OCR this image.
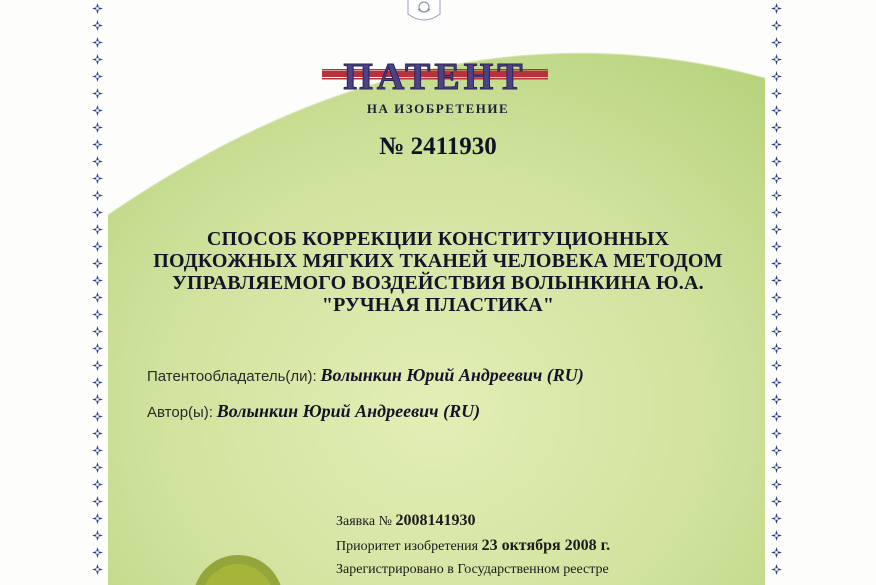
ПАТЕНТ
НА ИЗОБРЕТЕНИЕ
№ 2411930
СПОСОБ КОРРЕКЦИИ КОНСТИТУЦИОННЫХ
ПОДКОЖНЫХ МЯГКИХ ТКАНЕЙ ЧЕЛОВЕКА МЕТОДОМ
УПРАВЛЯЕМОГО ВОЗДЕЙСТВИЯ ВОЛЫНКИНА Ю.А.
"РУЧНАЯ ПЛАСТИКА"
Патентообладатель(ли): Волынкин Юрий Андреевич (RU)
Автор(ы): Волынкин Юрий Андреевич (RU)
Заявка № 2008141930
Приоритет изобретения 23 октября 2008 г.
Зарегистрировано в Государственном реестре
